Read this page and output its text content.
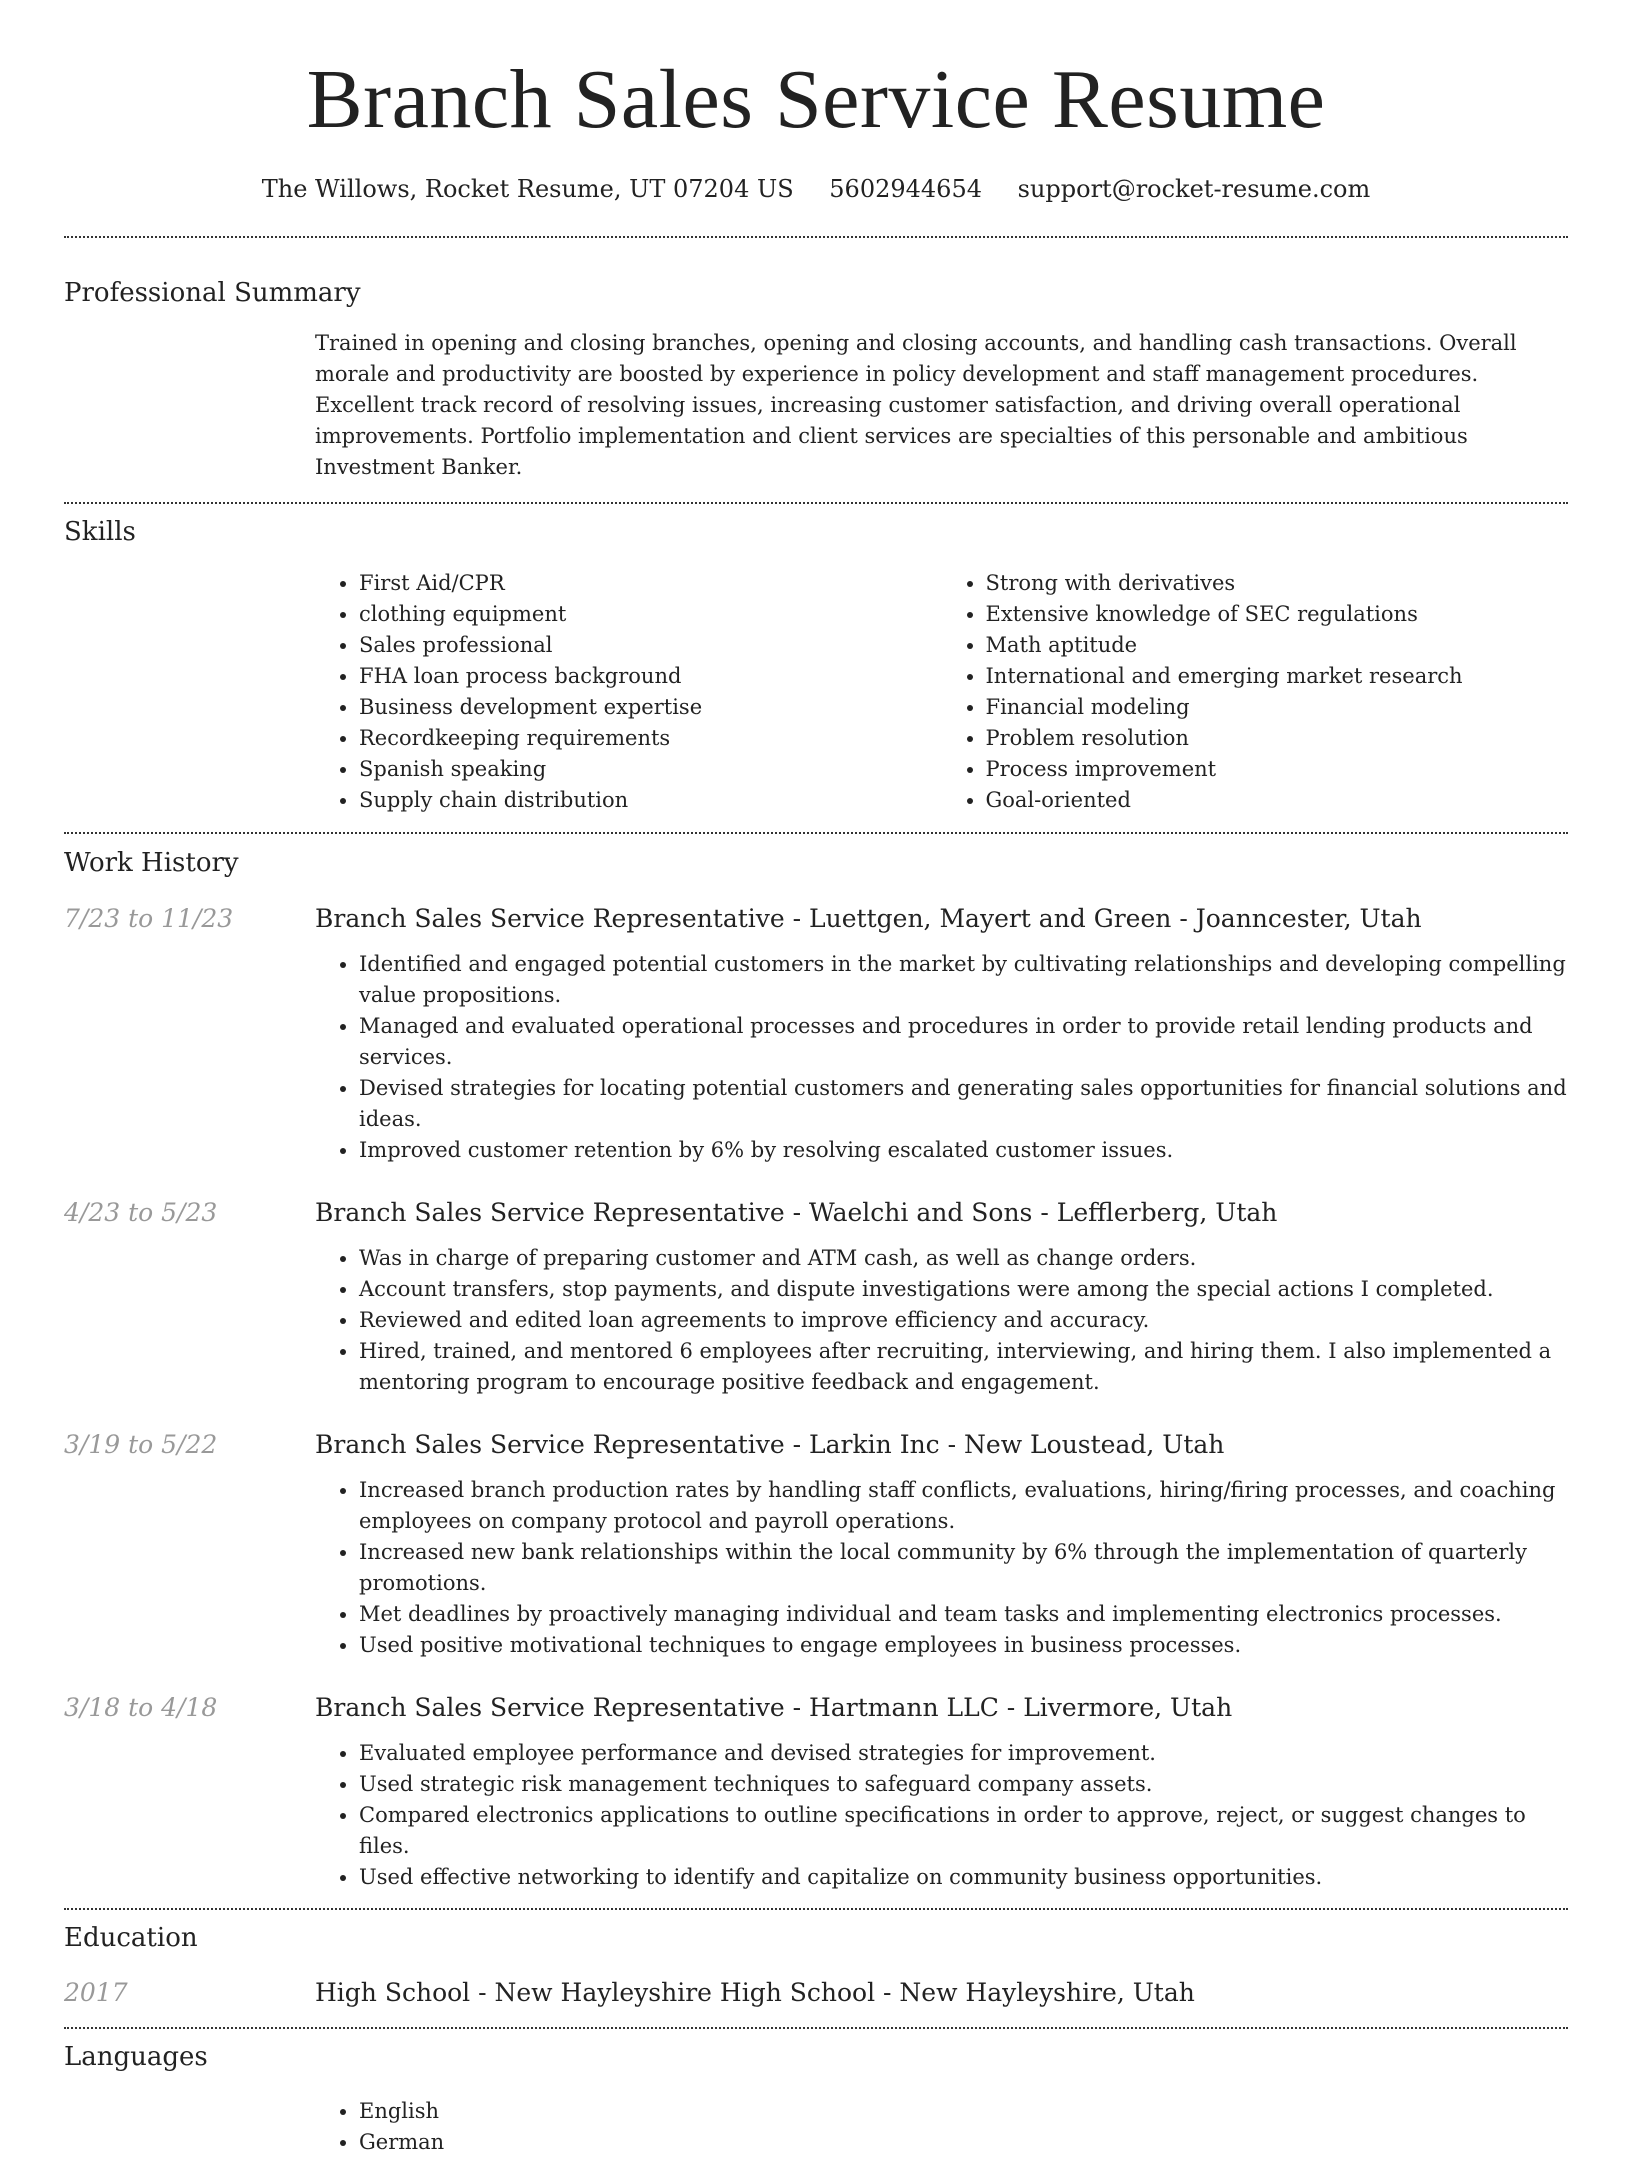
Branch Sales Service Resume
The Willows, Rocket Resume, UT 07204 US 5602944654 support@rocket-resume.com
Professional Summary
Trained in opening and closing branches, opening and closing accounts, and handling cash transactions. Overall morale and productivity are boosted by experience in policy development and staff management procedures. Excellent track record of resolving issues, increasing customer satisfaction, and driving overall operational improvements. Portfolio implementation and client services are specialties of this personable and ambitious Investment Banker.
Skills
• First Aid/CPR
• clothing equipment
• Sales professional
• FHA loan process background
• Business development expertise
• Recordkeeping requirements
• Spanish speaking
• Supply chain distribution
• Strong with derivatives
• Extensive knowledge of SEC regulations
• Math aptitude
• International and emerging market research
• Financial modeling
• Problem resolution
• Process improvement
• Goal-oriented
Work History
7/23 to 11/23	Branch Sales Service Representative - Luettgen, Mayert and Green - Joanncester, Utah
• Identified and engaged potential customers in the market by cultivating relationships and developing compelling value propositions.
• Managed and evaluated operational processes and procedures in order to provide retail lending products and services.
• Devised strategies for locating potential customers and generating sales opportunities for financial solutions and ideas.
• Improved customer retention by 6% by resolving escalated customer issues.
4/23 to 5/23	Branch Sales Service Representative - Waelchi and Sons - Lefflerberg, Utah
• Was in charge of preparing customer and ATM cash, as well as change orders.
• Account transfers, stop payments, and dispute investigations were among the special actions I completed.
• Reviewed and edited loan agreements to improve efficiency and accuracy.
• Hired, trained, and mentored 6 employees after recruiting, interviewing, and hiring them. I also implemented a mentoring program to encourage positive feedback and engagement.
3/19 to 5/22	Branch Sales Service Representative - Larkin Inc - New Loustead, Utah
• Increased branch production rates by handling staff conflicts, evaluations, hiring/firing processes, and coaching employees on company protocol and payroll operations.
• Increased new bank relationships within the local community by 6% through the implementation of quarterly promotions.
• Met deadlines by proactively managing individual and team tasks and implementing electronics processes.
• Used positive motivational techniques to engage employees in business processes.
3/18 to 4/18	Branch Sales Service Representative - Hartmann LLC - Livermore, Utah
• Evaluated employee performance and devised strategies for improvement.
• Used strategic risk management techniques to safeguard company assets.
• Compared electronics applications to outline specifications in order to approve, reject, or suggest changes to files.
• Used effective networking to identify and capitalize on community business opportunities.
Education
2017	High School - New Hayleyshire High School - New Hayleyshire, Utah
Languages
• English
• German
